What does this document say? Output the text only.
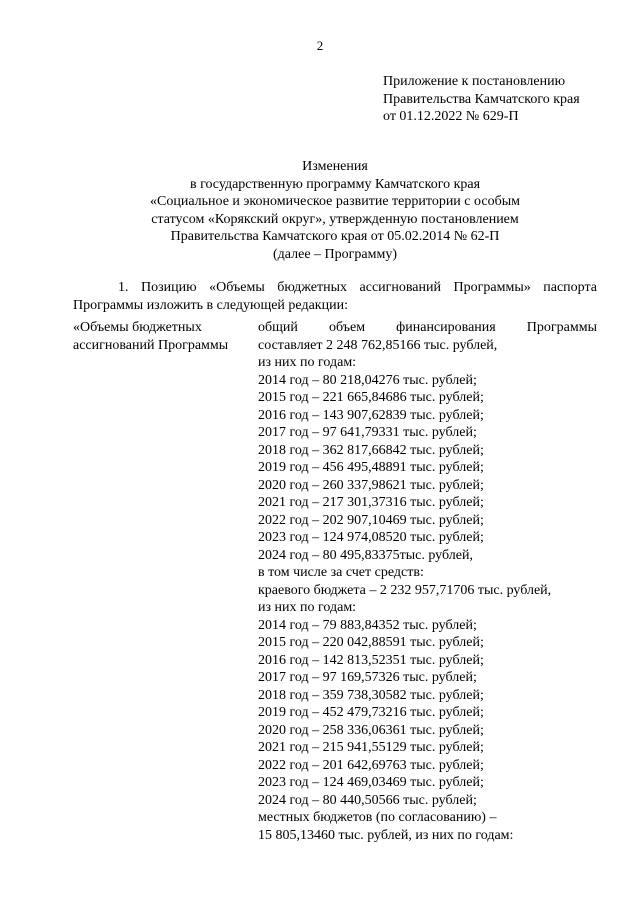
2
Приложение к постановлению
Правительства Камчатского края
от 01.12.2022 № 629-П
Изменения
в государственную программу Камчатского края
«Социальное и экономическое развитие территории с особым
статусом «Корякский округ», утвержденную постановлением
Правительства Камчатского края от 05.02.2014 № 62-П
(далее – Программу)
1. Позицию «Объемы бюджетных ассигнований Программы» паспорта
Программы изложить в следующей редакции:
«Объемы бюджетных
ассигнований Программы
общий объем финансирования Программы
составляет 2 248 762,85166 тыс. рублей,
из них по годам:
2014 год – 80 218,04276 тыс. рублей;
2015 год – 221 665,84686 тыс. рублей;
2016 год – 143 907,62839 тыс. рублей;
2017 год – 97 641,79331 тыс. рублей;
2018 год – 362 817,66842 тыс. рублей;
2019 год – 456 495,48891 тыс. рублей;
2020 год – 260 337,98621 тыс. рублей;
2021 год – 217 301,37316 тыс. рублей;
2022 год – 202 907,10469 тыс. рублей;
2023 год – 124 974,08520 тыс. рублей;
2024 год – 80 495,83375тыс. рублей,
в том числе за счет средств:
краевого бюджета – 2 232 957,71706 тыс. рублей,
из них по годам:
2014 год – 79 883,84352 тыс. рублей;
2015 год – 220 042,88591 тыс. рублей;
2016 год – 142 813,52351 тыс. рублей;
2017 год – 97 169,57326 тыс. рублей;
2018 год – 359 738,30582 тыс. рублей;
2019 год – 452 479,73216 тыс. рублей;
2020 год – 258 336,06361 тыс. рублей;
2021 год – 215 941,55129 тыс. рублей;
2022 год – 201 642,69763 тыс. рублей;
2023 год – 124 469,03469 тыс. рублей;
2024 год – 80 440,50566 тыс. рублей;
местных бюджетов (по согласованию) –
15 805,13460 тыс. рублей, из них по годам:
